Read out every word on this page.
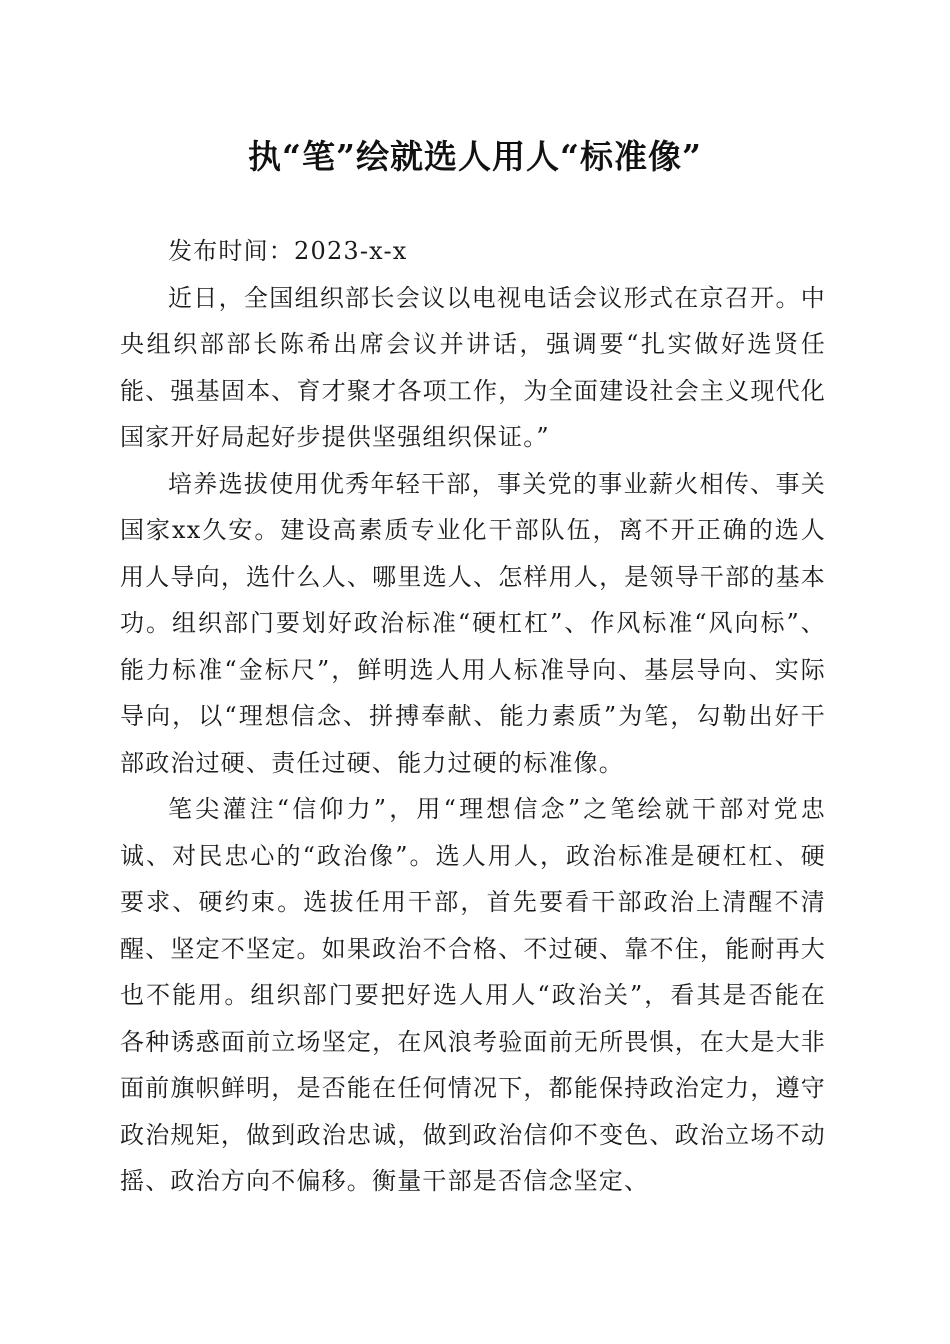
执“笔”绘就选人用人“标准像”

发布时间：2023-x-x

近日，全国组织部长会议以电视电话会议形式在京召开。中央组织部部长陈希出席会议并讲话，强调要“扎实做好选贤任能、强基固本、育才聚才各项工作，为全面建设社会主义现代化国家开好局起好步提供坚强组织保证。”

培养选拔使用优秀年轻干部，事关党的事业薪火相传、事关国家xx久安。建设高素质专业化干部队伍，离不开正确的选人用人导向，选什么人、哪里选人、怎样用人，是领导干部的基本功。组织部门要划好政治标准“硬杠杠”、作风标准“风向标”、能力标准“金标尺”，鲜明选人用人标准导向、基层导向、实际导向，以“理想信念、拼搏奉献、能力素质”为笔，勾勒出好干部政治过硬、责任过硬、能力过硬的标准像。

笔尖灌注“信仰力”，用“理想信念”之笔绘就干部对党忠诚、对民忠心的“政治像”。选人用人，政治标准是硬杠杠、硬要求、硬约束。选拔任用干部，首先要看干部政治上清醒不清醒、坚定不坚定。如果政治不合格、不过硬、靠不住，能耐再大也不能用。组织部门要把好选人用人“政治关”，看其是否能在各种诱惑面前立场坚定，在风浪考验面前无所畏惧，在大是大非面前旗帜鲜明，是否能在任何情况下，都能保持政治定力，遵守政治规矩，做到政治忠诚，做到政治信仰不变色、政治立场不动摇、政治方向不偏移。衡量干部是否信念坚定、
